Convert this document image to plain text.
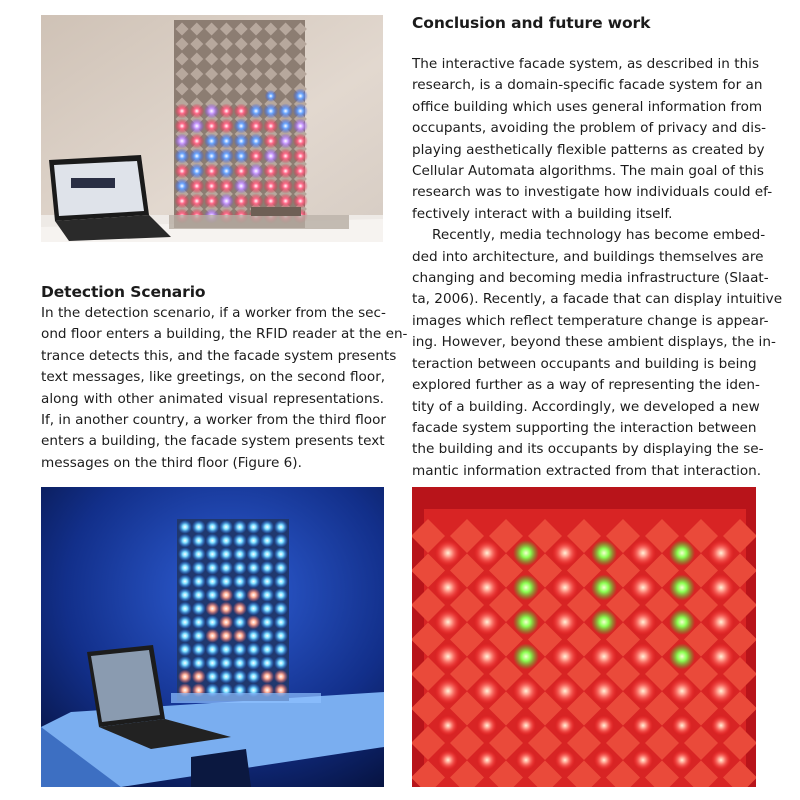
Detection Scenario
In the detection scenario, if a worker from the sec-
ond floor enters a building, the RFID reader at the en-
trance detects this, and the facade system presents
text messages, like greetings, on the second floor,
along with other animated visual representations.
If, in another country, a worker from the third floor
enters a building, the facade system presents text
messages on the third floor (Figure 6).
Conclusion and future work
The interactive facade system, as described in this
research, is a domain-specific facade system for an
office building which uses general information from
occupants, avoiding the problem of privacy and dis-
playing aesthetically flexible patterns as created by
Cellular Automata algorithms. The main goal of this
research was to investigate how individuals could ef-
fectively interact with a building itself.
Recently, media technology has become embed-
ded into architecture, and buildings themselves are
changing and becoming media infrastructure (Slaat-
ta, 2006). Recently, a facade that can display intuitive
images which reflect temperature change is appear-
ing. However, beyond these ambient displays, the in-
teraction between occupants and building is being
explored further as a way of representing the iden-
tity of a building. Accordingly, we developed a new
facade system supporting the interaction between
the building and its occupants by displaying the se-
mantic information extracted from that interaction.
